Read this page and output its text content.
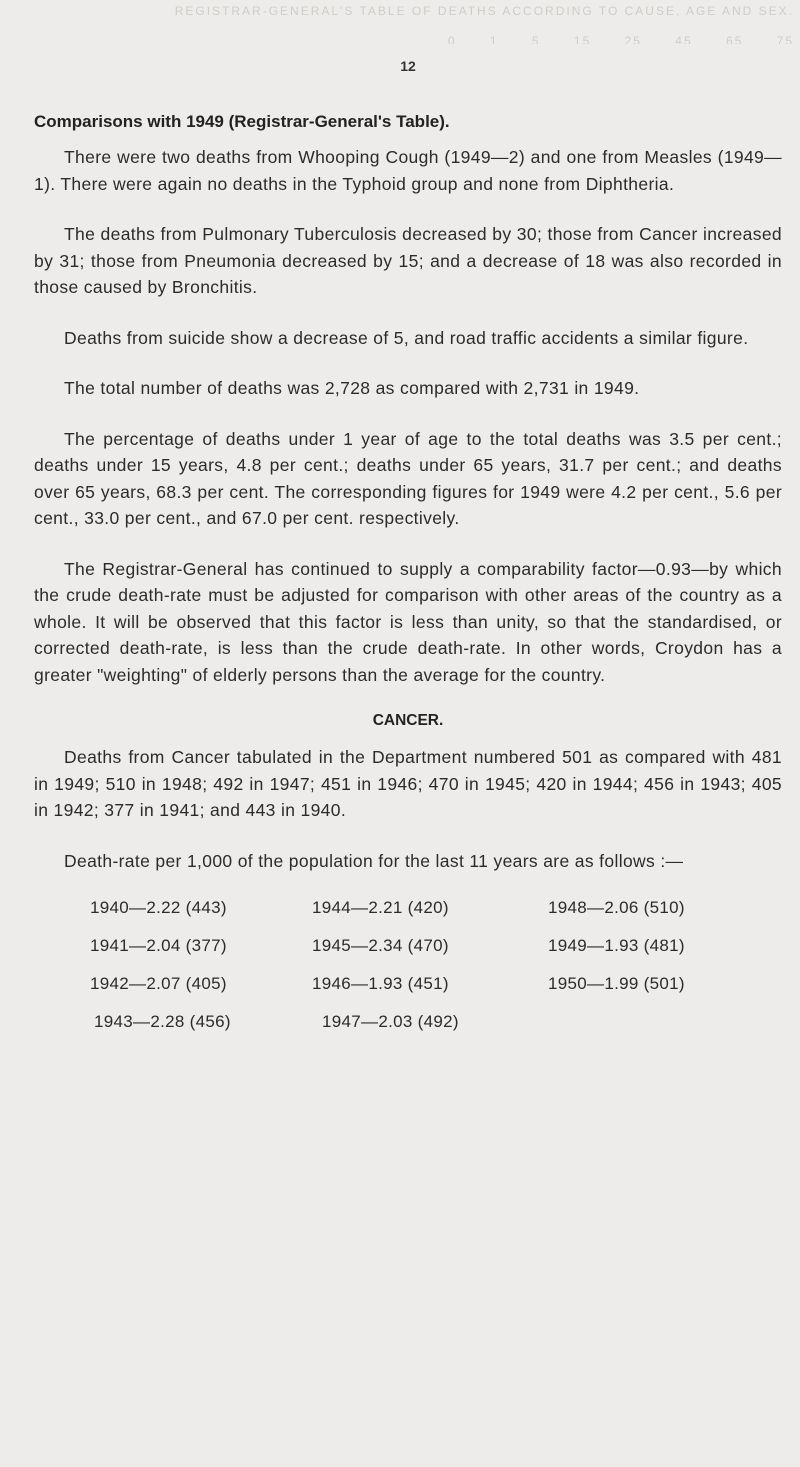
REGISTRAR-GENERAL'S TABLE OF DEATHS ACCORDING TO CAUSE, AGE AND SEX.
0 1 5 15 25 45 65 75
12
Comparisons with 1949 (Registrar-General's Table).

There were two deaths from Whooping Cough (1949—2) and one from Measles (1949—1). There were again no deaths in the Typhoid group and none from Diphtheria.

The deaths from Pulmonary Tuberculosis decreased by 30; those from Cancer increased by 31; those from Pneumonia decreased by 15; and a decrease of 18 was also recorded in those caused by Bronchitis.

Deaths from suicide show a decrease of 5, and road traffic accidents a similar figure.

The total number of deaths was 2,728 as compared with 2,731 in 1949.

The percentage of deaths under 1 year of age to the total deaths was 3.5 per cent.; deaths under 15 years, 4.8 per cent.; deaths under 65 years, 31.7 per cent.; and deaths over 65 years, 68.3 per cent. The corresponding figures for 1949 were 4.2 per cent., 5.6 per cent., 33.0 per cent., and 67.0 per cent. respectively.

The Registrar-General has continued to supply a comparability factor—0.93—by which the crude death-rate must be adjusted for comparison with other areas of the country as a whole. It will be observed that this factor is less than unity, so that the standardised, or corrected death-rate, is less than the crude death-rate. In other words, Croydon has a greater "weighting" of elderly persons than the average for the country.

CANCER.

Deaths from Cancer tabulated in the Department numbered 501 as compared with 481 in 1949; 510 in 1948; 492 in 1947; 451 in 1946; 470 in 1945; 420 in 1944; 456 in 1943; 405 in 1942; 377 in 1941; and 443 in 1940.

Death-rate per 1,000 of the population for the last 11 years are as follows :—

1940—2.22 (443)	1944—2.21 (420)	1948—2.06 (510)
1941—2.04 (377)	1945—2.34 (470)	1949—1.93 (481)
1942—2.07 (405)	1946—1.93 (451)	1950—1.99 (501)
1943—2.28 (456)	1947—2.03 (492)
